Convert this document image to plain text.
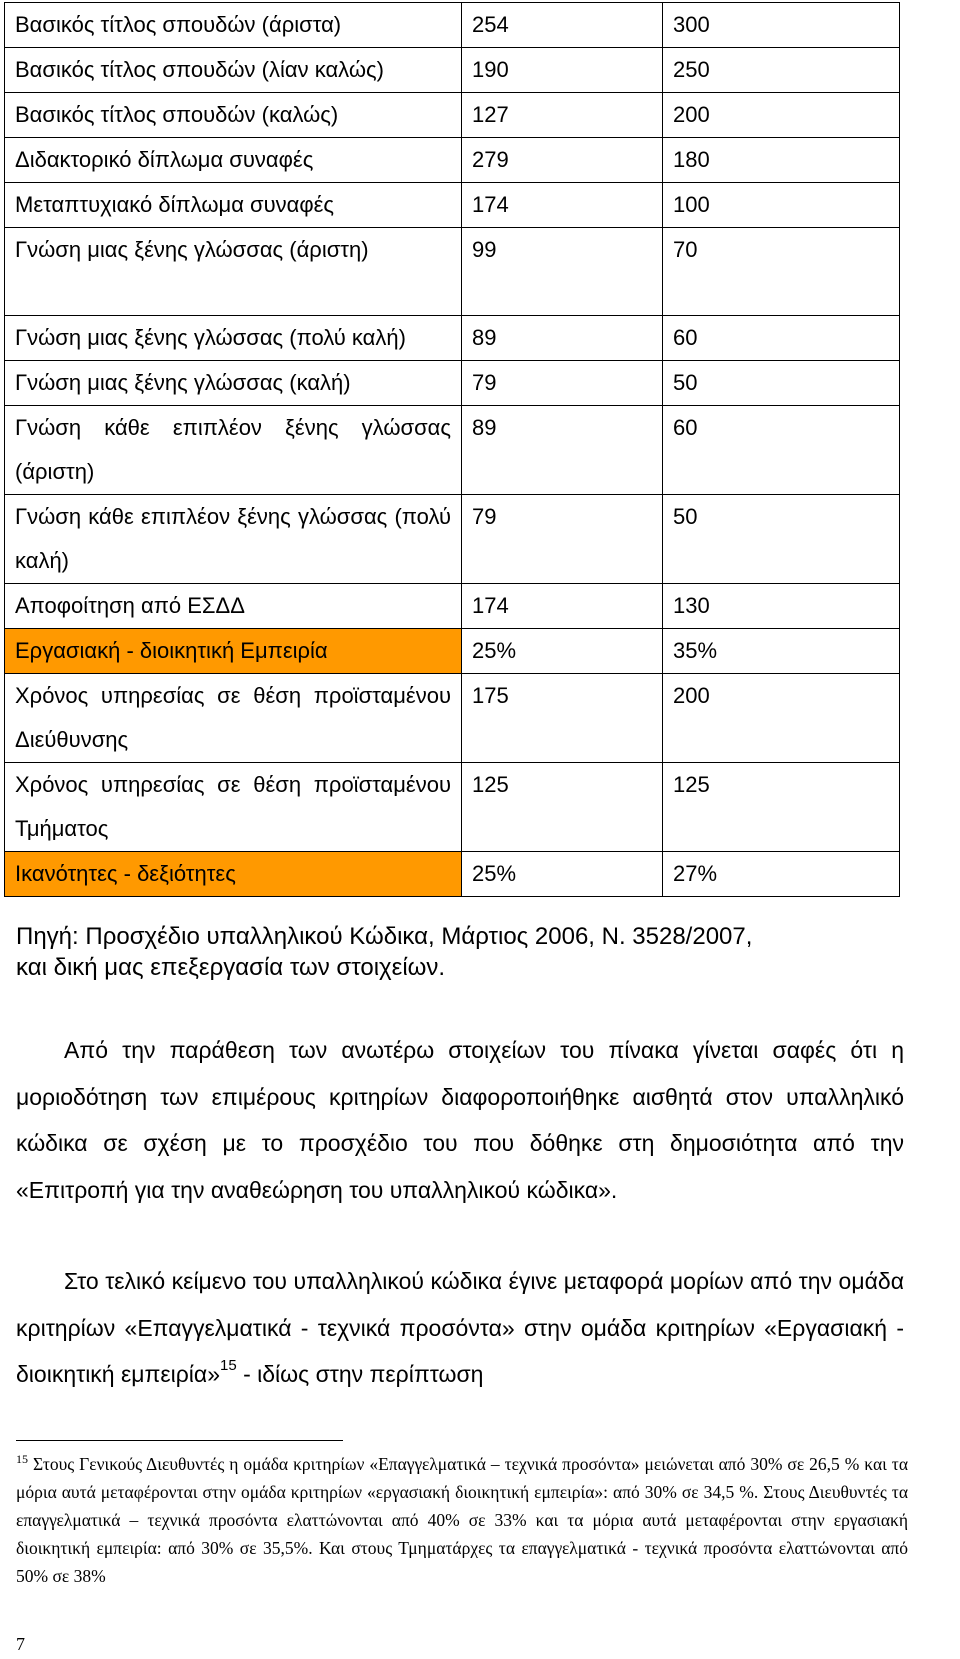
Βασικός τίτλος σπουδών (άριστα)	254	300
Βασικός τίτλος σπουδών (λίαν καλώς)	190	250
Βασικός τίτλος σπουδών (καλώς)	127	200
Διδακτορικό δίπλωμα συναφές	279	180
Μεταπτυχιακό δίπλωμα συναφές	174	100
Γνώση μιας ξένης γλώσσας (άριστη)	99	70
Γνώση μιας ξένης γλώσσας (πολύ καλή)	89	60
Γνώση μιας ξένης γλώσσας (καλή)	79	50
Γνώση κάθε επιπλέον ξένης γλώσσας (άριστη)	89	60
Γνώση κάθε επιπλέον ξένης γλώσσας (πολύ καλή)	79	50
Αποφοίτηση από ΕΣΔΔ	174	130
Εργασιακή - διοικητική Εμπειρία	25%	35%
Χρόνος υπηρεσίας σε θέση προϊσταμένου Διεύθυνσης	175	200
Χρόνος υπηρεσίας σε θέση προϊσταμένου Τμήματος	125	125
Ικανότητες - δεξιότητες	25%	27%
Πηγή: Προσχέδιο υπαλληλικού Κώδικα, Μάρτιος 2006, Ν. 3528/2007,
και δική μας επεξεργασία των στοιχείων.

Από την παράθεση των ανωτέρω στοιχείων του πίνακα γίνεται σαφές ότι η μοριοδότηση των επιμέρους κριτηρίων διαφοροποιήθηκε αισθητά στον υπαλληλικό κώδικα σε σχέση με το προσχέδιο του που δόθηκε στη δημοσιότητα από την «Επιτροπή για την αναθεώρηση του υπαλληλικού κώδικα».

Στο τελικό κείμενο του υπαλληλικού κώδικα έγινε μεταφορά μορίων από την ομάδα κριτηρίων «Επαγγελματικά - τεχνικά προσόντα» στην ομάδα κριτηρίων «Εργασιακή - διοικητική εμπειρία»$^{15}$ - ιδίως στην περίπτωση

$^{15}$ Στους Γενικούς Διευθυντές η ομάδα κριτηρίων «Επαγγελματικά – τεχνικά προσόντα» μειώνεται από 30% σε 26,5 % και τα μόρια αυτά μεταφέρονται στην ομάδα κριτηρίων «εργασιακή διοικητική εμπειρία»: από 30% σε 34,5 %. Στους Διευθυντές τα επαγγελματικά – τεχνικά προσόντα ελαττώνονται από 40% σε 33% και τα μόρια αυτά μεταφέρονται στην εργασιακή διοικητική εμπειρία: από 30% σε 35,5%. Και στους Τμηματάρχες τα επαγγελματικά - τεχνικά προσόντα ελαττώνονται από 50% σε 38%

7
